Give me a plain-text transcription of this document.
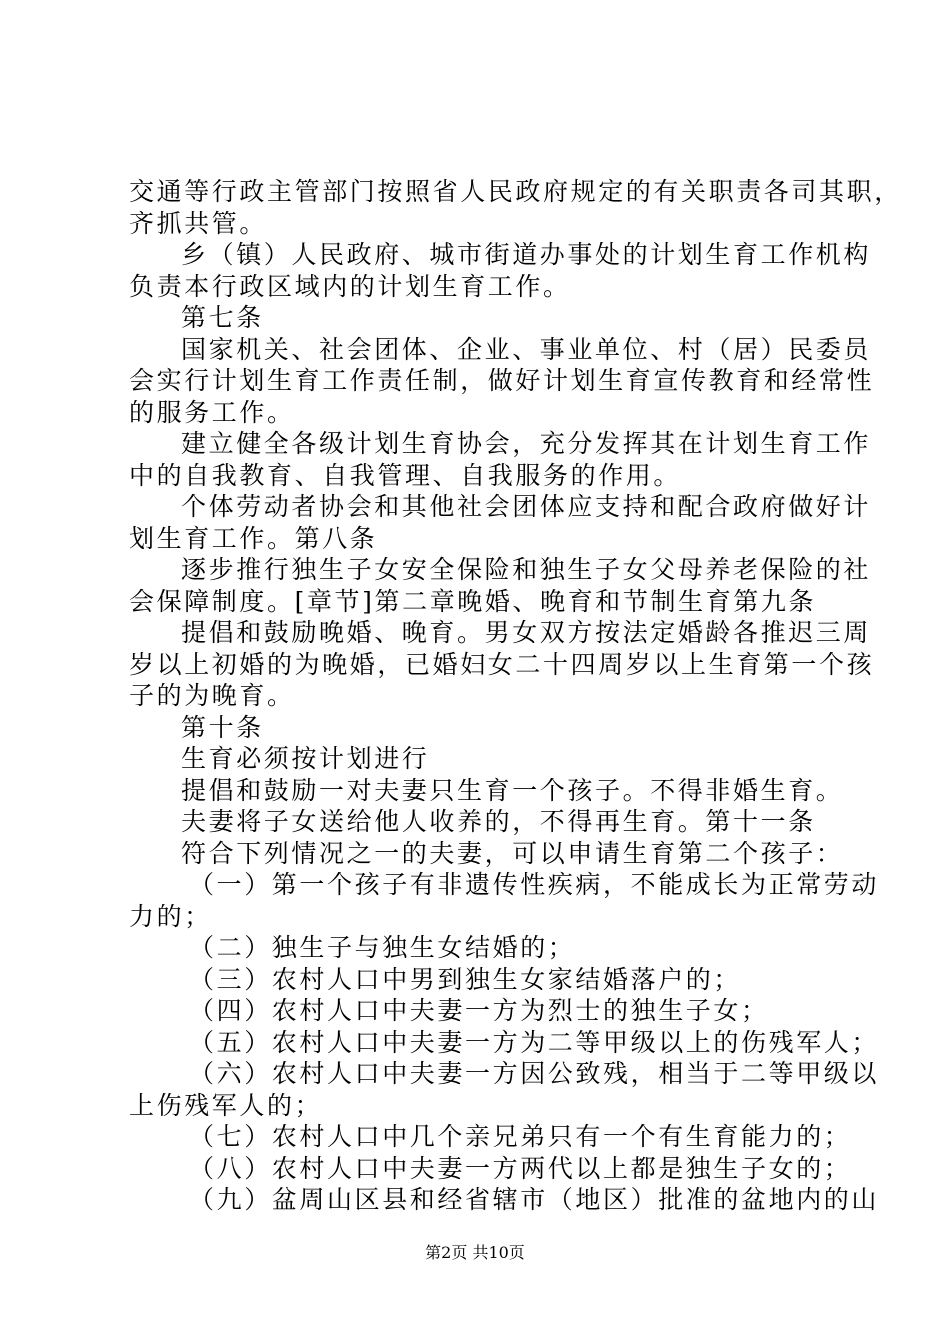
交通等行政主管部门按照省人民政府规定的有关职责各司其职，
齐抓共管。
乡（镇）人民政府、城市街道办事处的计划生育工作机构
负责本行政区域内的计划生育工作。
第七条
国家机关、社会团体、企业、事业单位、村（居）民委员
会实行计划生育工作责任制，做好计划生育宣传教育和经常性
的服务工作。
建立健全各级计划生育协会，充分发挥其在计划生育工作
中的自我教育、自我管理、自我服务的作用。
个体劳动者协会和其他社会团体应支持和配合政府做好计
划生育工作。第八条
逐步推行独生子女安全保险和独生子女父母养老保险的社
会保障制度。[章节]第二章晚婚、晚育和节制生育第九条
提倡和鼓励晚婚、晚育。男女双方按法定婚龄各推迟三周
岁以上初婚的为晚婚，已婚妇女二十四周岁以上生育第一个孩
子的为晚育。
第十条
生育必须按计划进行
提倡和鼓励一对夫妻只生育一个孩子。不得非婚生育。
夫妻将子女送给他人收养的，不得再生育。第十一条
符合下列情况之一的夫妻，可以申请生育第二个孩子：
（一）第一个孩子有非遗传性疾病，不能成长为正常劳动
力的；
（二）独生子与独生女结婚的；
（三）农村人口中男到独生女家结婚落户的；
（四）农村人口中夫妻一方为烈士的独生子女；
（五）农村人口中夫妻一方为二等甲级以上的伤残军人；
（六）农村人口中夫妻一方因公致残，相当于二等甲级以
上伤残军人的；
（七）农村人口中几个亲兄弟只有一个有生育能力的；
（八）农村人口中夫妻一方两代以上都是独生子女的；
（九）盆周山区县和经省辖市（地区）批准的盆地内的山
第2页 共10页
